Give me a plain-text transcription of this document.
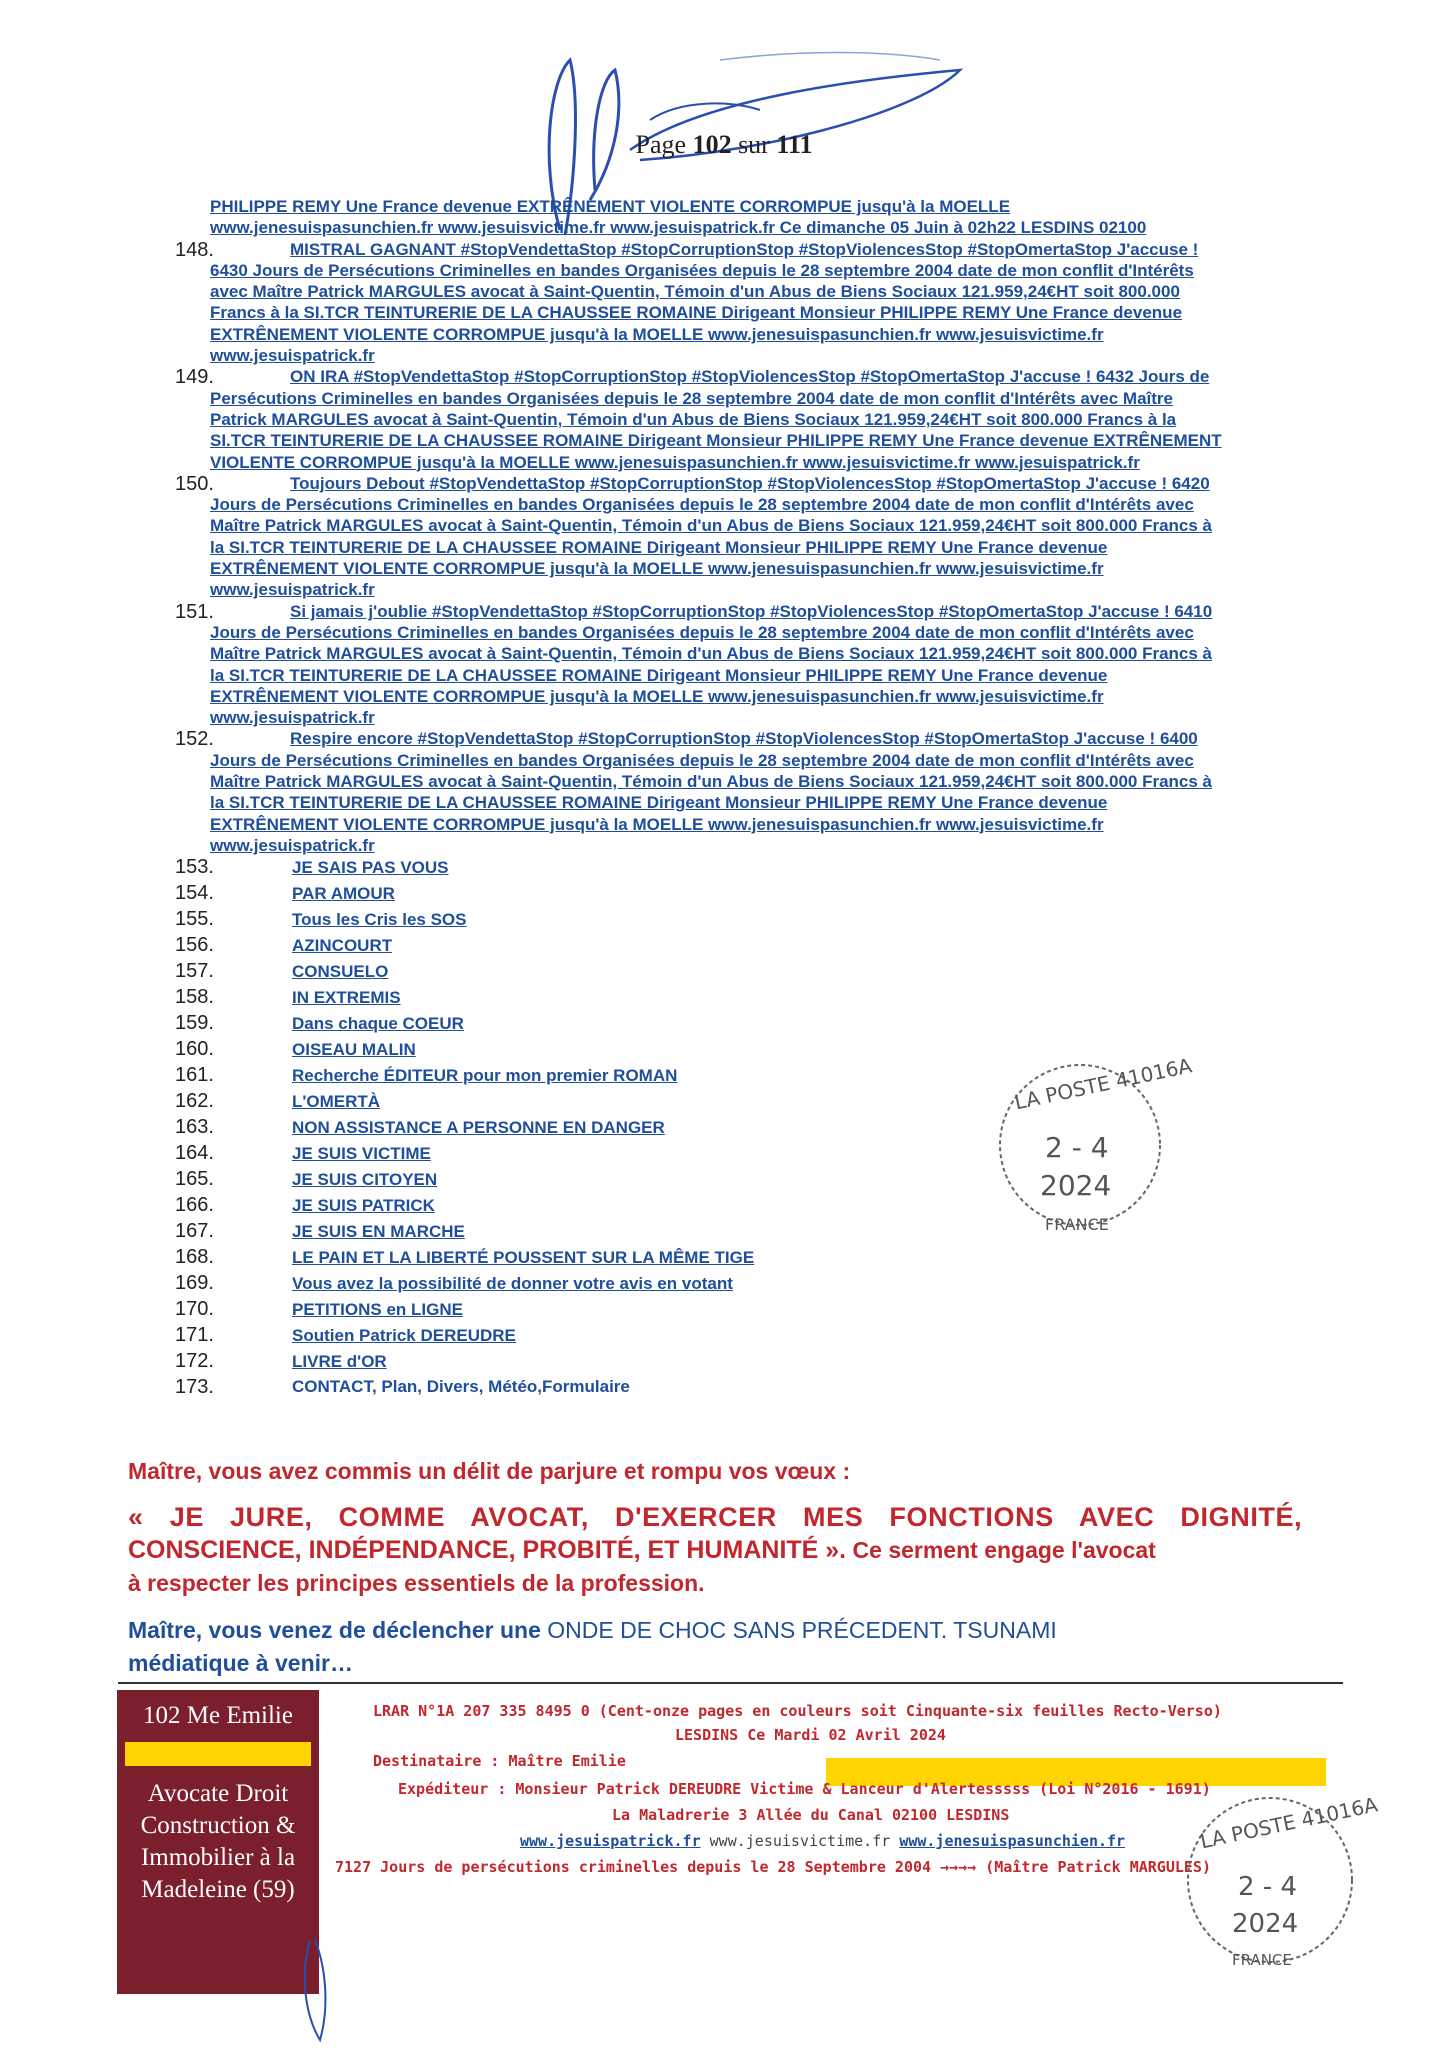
Page 102 sur 111
PHILIPPE REMY Une France devenue EXTRÊNEMENT VIOLENTE CORROMPUE jusqu'à la MOELLE
www.jenesuispasunchien.fr www.jesuisvictime.fr www.jesuispatrick.fr Ce dimanche 05 Juin à 02h22 LESDINS 02100
148.	MISTRAL GAGNANT #StopVendettaStop #StopCorruptionStop #StopViolencesStop #StopOmertaStop J'accuse !
6430 Jours de Persécutions Criminelles en bandes Organisées depuis le 28 septembre 2004 date de mon conflit d'Intérêts
avec Maître Patrick MARGULES avocat à Saint-Quentin, Témoin d'un Abus de Biens Sociaux 121.959,24€HT soit 800.000
Francs à la SI.TCR TEINTURERIE DE LA CHAUSSEE ROMAINE Dirigeant Monsieur PHILIPPE REMY Une France devenue
EXTRÊNEMENT VIOLENTE CORROMPUE jusqu'à la MOELLE www.jenesuispasunchien.fr www.jesuisvictime.fr
www.jesuispatrick.fr
149.	ON IRA #StopVendettaStop #StopCorruptionStop #StopViolencesStop #StopOmertaStop J'accuse ! 6432 Jours de
Persécutions Criminelles en bandes Organisées depuis le 28 septembre 2004 date de mon conflit d'Intérêts avec Maître
Patrick MARGULES avocat à Saint-Quentin, Témoin d'un Abus de Biens Sociaux 121.959,24€HT soit 800.000 Francs à la
SI.TCR TEINTURERIE DE LA CHAUSSEE ROMAINE Dirigeant Monsieur PHILIPPE REMY Une France devenue EXTRÊNEMENT
VIOLENTE CORROMPUE jusqu'à la MOELLE www.jenesuispasunchien.fr www.jesuisvictime.fr www.jesuispatrick.fr
150.	Toujours Debout #StopVendettaStop #StopCorruptionStop #StopViolencesStop #StopOmertaStop J'accuse ! 6420
Jours de Persécutions Criminelles en bandes Organisées depuis le 28 septembre 2004 date de mon conflit d'Intérêts avec
Maître Patrick MARGULES avocat à Saint-Quentin, Témoin d'un Abus de Biens Sociaux 121.959,24€HT soit 800.000 Francs à
la SI.TCR TEINTURERIE DE LA CHAUSSEE ROMAINE Dirigeant Monsieur PHILIPPE REMY Une France devenue
EXTRÊNEMENT VIOLENTE CORROMPUE jusqu'à la MOELLE www.jenesuispasunchien.fr www.jesuisvictime.fr
www.jesuispatrick.fr
151.	Si jamais j'oublie #StopVendettaStop #StopCorruptionStop #StopViolencesStop #StopOmertaStop J'accuse ! 6410
Jours de Persécutions Criminelles en bandes Organisées depuis le 28 septembre 2004 date de mon conflit d'Intérêts avec
Maître Patrick MARGULES avocat à Saint-Quentin, Témoin d'un Abus de Biens Sociaux 121.959,24€HT soit 800.000 Francs à
la SI.TCR TEINTURERIE DE LA CHAUSSEE ROMAINE Dirigeant Monsieur PHILIPPE REMY Une France devenue
EXTRÊNEMENT VIOLENTE CORROMPUE jusqu'à la MOELLE www.jenesuispasunchien.fr www.jesuisvictime.fr
www.jesuispatrick.fr
152.	Respire encore #StopVendettaStop #StopCorruptionStop #StopViolencesStop #StopOmertaStop J'accuse ! 6400
Jours de Persécutions Criminelles en bandes Organisées depuis le 28 septembre 2004 date de mon conflit d'Intérêts avec
Maître Patrick MARGULES avocat à Saint-Quentin, Témoin d'un Abus de Biens Sociaux 121.959,24€HT soit 800.000 Francs à
la SI.TCR TEINTURERIE DE LA CHAUSSEE ROMAINE Dirigeant Monsieur PHILIPPE REMY Une France devenue
EXTRÊNEMENT VIOLENTE CORROMPUE jusqu'à la MOELLE www.jenesuispasunchien.fr www.jesuisvictime.fr
www.jesuispatrick.fr
153.	JE SAIS PAS VOUS
154.	PAR AMOUR
155.	Tous les Cris les SOS
156.	AZINCOURT
157.	CONSUELO
158.	IN EXTREMIS
159.	Dans chaque COEUR
160.	OISEAU MALIN
161.	Recherche ÉDITEUR pour mon premier ROMAN
162.	L'OMERTÀ
163.	NON ASSISTANCE A PERSONNE EN DANGER
164.	JE SUIS VICTIME
165.	JE SUIS CITOYEN
166.	JE SUIS PATRICK
167.	JE SUIS EN MARCHE
168.	LE PAIN ET LA LIBERTÉ POUSSENT SUR LA MÊME TIGE
169.	Vous avez la possibilité de donner votre avis en votant
170.	PETITIONS en LIGNE
171.	Soutien Patrick DEREUDRE
172.	LIVRE d'OR
173.	CONTACT, Plan, Divers, Météo,Formulaire
Maître, vous avez commis un délit de parjure et rompu vos vœux :
« JE JURE, COMME AVOCAT, D'EXERCER MES FONCTIONS AVEC DIGNITÉ,
CONSCIENCE, INDÉPENDANCE, PROBITÉ, ET HUMANITÉ ». Ce serment engage l'avocat
à respecter les principes essentiels de la profession.
Maître, vous venez de déclencher une ONDE DE CHOC SANS PRÉCEDENT. TSUNAMI
médiatique à venir…
102 Me Emilie
Avocate Droit
Construction &
Immobilier à la
Madeleine (59)
LRAR N°1A 207 335 8495 0 (Cent-onze pages en couleurs soit Cinquante-six feuilles Recto-Verso)
LESDINS Ce Mardi 02 Avril 2024
Destinataire : Maître Emilie
Expéditeur : Monsieur Patrick DEREUDRE Victime & Lanceur d'Alertesssss (Loi N°2016 - 1691)
La Maladrerie 3 Allée du Canal 02100 LESDINS
www.jesuispatrick.fr www.jesuisvictime.fr www.jenesuispasunchien.fr
7127 Jours de persécutions criminelles depuis le 28 Septembre 2004 →→→→ (Maître Patrick MARGULES)
LA POSTE 41016A
2 - 4
2024
FRANCE
LA POSTE 41016A
2 - 4
2024
FRANCE
